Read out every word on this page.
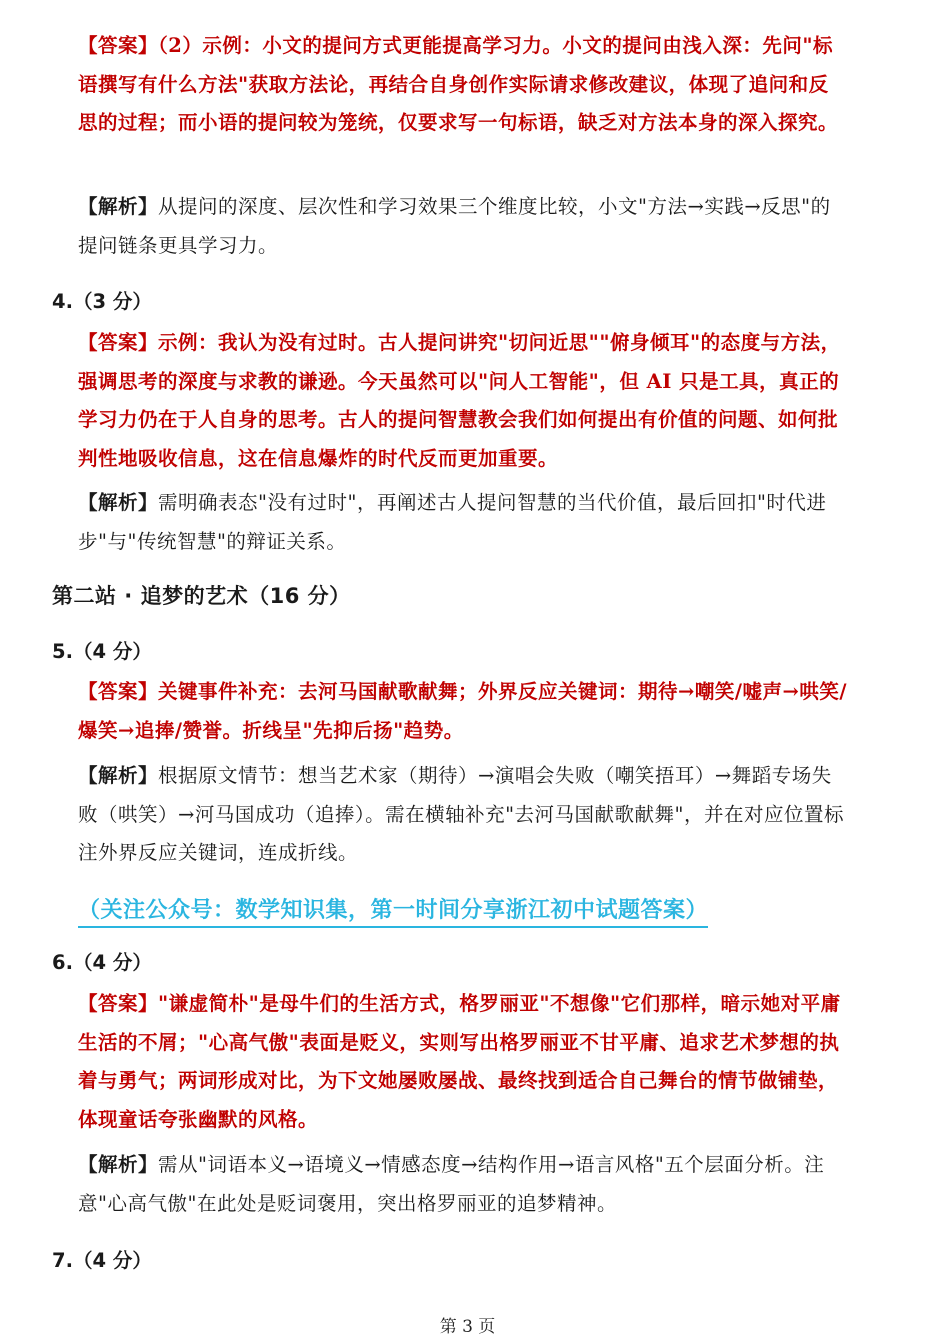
【答案】（2）示例：小文的提问方式更能提高学习力。小文的提问由浅入深：先问"标语撰写有什么方法"获取方法论，再结合自身创作实际请求修改建议，体现了追问和反思的过程；而小语的提问较为笼统，仅要求写一句标语，缺乏对方法本身的深入探究。
【解析】从提问的深度、层次性和学习效果三个维度比较，小文"方法→实践→反思"的提问链条更具学习力。
4.（3 分）
【答案】示例：我认为没有过时。古人提问讲究"切问近思""俯身倾耳"的态度与方法，强调思考的深度与求教的谦逊。今天虽然可以"问人工智能"，但 AI 只是工具，真正的学习力仍在于人自身的思考。古人的提问智慧教会我们如何提出有价值的问题、如何批判性地吸收信息，这在信息爆炸的时代反而更加重要。
【解析】需明确表态"没有过时"，再阐述古人提问智慧的当代价值，最后回扣"时代进步"与"传统智慧"的辩证关系。
第二站 · 追梦的艺术（16 分）
5.（4 分）
【答案】关键事件补充：去河马国献歌献舞；外界反应关键词：期待→嘲笑/嘘声→哄笑/爆笑→追捧/赞誉。折线呈"先抑后扬"趋势。
【解析】根据原文情节：想当艺术家（期待）→演唱会失败（嘲笑捂耳）→舞蹈专场失败（哄笑）→河马国成功（追捧）。需在横轴补充"去河马国献歌献舞"，并在对应位置标注外界反应关键词，连成折线。
（关注公众号：数学知识集，第一时间分享浙江初中试题答案）
6.（4 分）
【答案】"谦虚简朴"是母牛们的生活方式，格罗丽亚"不想像"它们那样，暗示她对平庸生活的不屑；"心高气傲"表面是贬义，实则写出格罗丽亚不甘平庸、追求艺术梦想的执着与勇气；两词形成对比，为下文她屡败屡战、最终找到适合自己舞台的情节做铺垫，体现童话夸张幽默的风格。
【解析】需从"词语本义→语境义→情感态度→结构作用→语言风格"五个层面分析。注意"心高气傲"在此处是贬词褒用，突出格罗丽亚的追梦精神。
7.（4 分）
第 3 页
